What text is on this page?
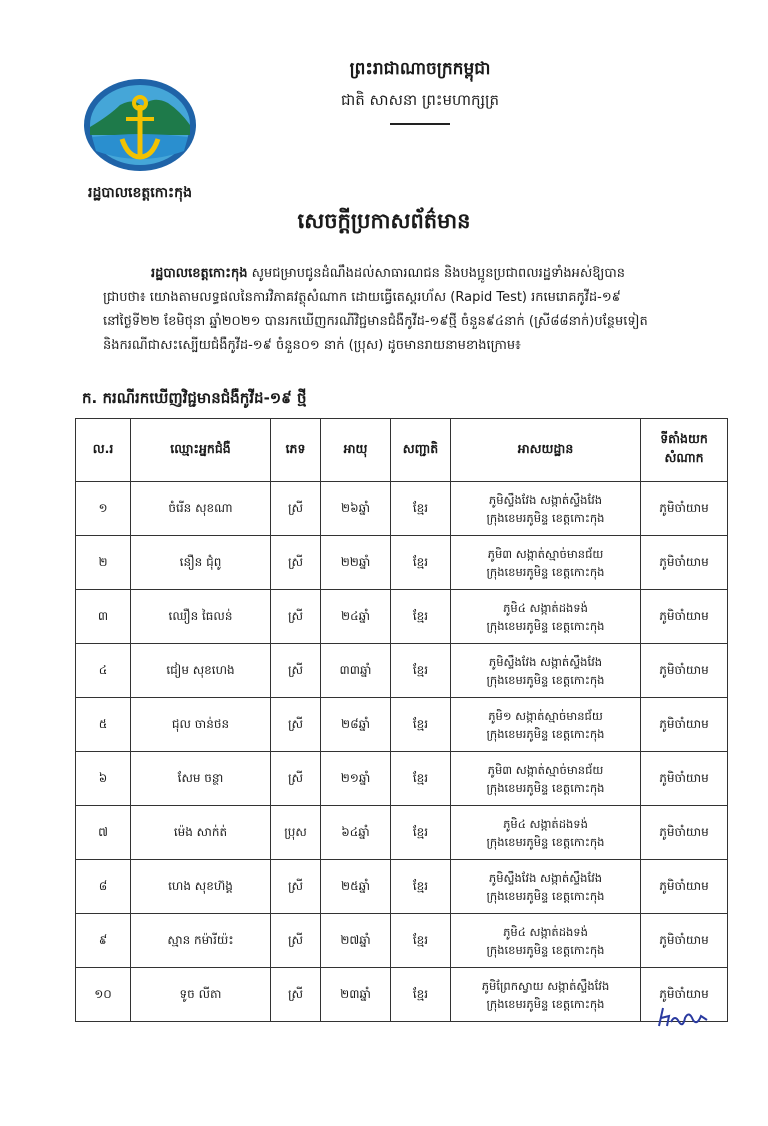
ព្រះរាជាណាចក្រកម្ពុជា
ជាតិ សាសនា ព្រះមហាក្សត្រ
រដ្ឋបាលខេត្តកោះកុង
សេចក្តីប្រកាសព័ត៌មាន
រដ្ឋបាលខេត្តកោះកុង សូមជម្រាបជូនដំណឹងដល់សាធារណជន និងបងប្អូនប្រជាពលរដ្ឋទាំងអស់ឱ្យបាន
ជ្រាបថា៖ យោងតាមលទ្ធផលនៃការវិភាគវត្ថុសំណាក ដោយធ្វើតេស្តរហ័ស (Rapid Test) រកមេរោគកូវីដ-១៩
នៅថ្ងៃទី២២ ខែមិថុនា ឆ្នាំ២០២១ បានរកឃើញករណីវិជ្ជមានជំងឺកូវីដ-១៩ថ្មី ចំនួន៩៤នាក់ (ស្រី៨៨នាក់)បន្ថែមទៀត
និងករណីជាសះស្បើយជំងឺកូវីដ-១៩ ចំនួន០១ នាក់ (ប្រុស) ដូចមានរាយនាមខាងក្រោម៖
ក. ករណីរកឃើញវិជ្ជមានជំងឺកូវីដ-១៩ ថ្មី
ល.រ	ឈ្មោះអ្នកជំងឺ	ភេទ	អាយុ	សញ្ជាតិ	អាសយដ្ឋាន	ទីតាំងយកសំណាក
១	ចំរើន សុខណា	ស្រី	២៦ឆ្នាំ	ខ្មែរ	ភូមិស្ទឹងវែង សង្កាត់ស្ទឹងវែង
ក្រុងខេមរភូមិន្ទ ខេត្តកោះកុង	ភូមិចាំយាម
២	នឿន ជុំពូ	ស្រី	២២ឆ្នាំ	ខ្មែរ	ភូមិ៣ សង្កាត់ស្មាច់មានជ័យ
ក្រុងខេមរភូមិន្ទ ខេត្តកោះកុង	ភូមិចាំយាម
៣	ឈឿន ធៃលន់	ស្រី	២៤ឆ្នាំ	ខ្មែរ	ភូមិ៤ សង្កាត់ដងទង់
ក្រុងខេមរភូមិន្ទ ខេត្តកោះកុង	ភូមិចាំយាម
៤	ជៀម សុខហេង	ស្រី	៣៣ឆ្នាំ	ខ្មែរ	ភូមិស្ទឹងវែង សង្កាត់ស្ទឹងវែង
ក្រុងខេមរភូមិន្ទ ខេត្តកោះកុង	ភូមិចាំយាម
៥	ជុល ចាន់ថន	ស្រី	២៨ឆ្នាំ	ខ្មែរ	ភូមិ១ សង្កាត់ស្មាច់មានជ័យ
ក្រុងខេមរភូមិន្ទ ខេត្តកោះកុង	ភូមិចាំយាម
៦	សែម ចន្ថា	ស្រី	២១ឆ្នាំ	ខ្មែរ	ភូមិ៣ សង្កាត់ស្មាច់មានជ័យ
ក្រុងខេមរភូមិន្ទ ខេត្តកោះកុង	ភូមិចាំយាម
៧	ម៉េង សាក់ត់	ប្រុស	៦៤ឆ្នាំ	ខ្មែរ	ភូមិ៤ សង្កាត់ដងទង់
ក្រុងខេមរភូមិន្ទ ខេត្តកោះកុង	ភូមិចាំយាម
៨	ហេង សុខហ៊ង្គ	ស្រី	២៥ឆ្នាំ	ខ្មែរ	ភូមិស្ទឹងវែង សង្កាត់ស្ទឹងវែង
ក្រុងខេមរភូមិន្ទ ខេត្តកោះកុង	ភូមិចាំយាម
៩	ស្មាន កម៉ារីយ៉ះ	ស្រី	២៧ឆ្នាំ	ខ្មែរ	ភូមិ៤ សង្កាត់ដងទង់
ក្រុងខេមរភូមិន្ទ ខេត្តកោះកុង	ភូមិចាំយាម
១០	ទូច លីតា	ស្រី	២៣ឆ្នាំ	ខ្មែរ	ភូមិព្រែកស្វាយ សង្កាត់ស្ទឹងវែង
ក្រុងខេមរភូមិន្ទ ខេត្តកោះកុង	ភូមិចាំយាម
